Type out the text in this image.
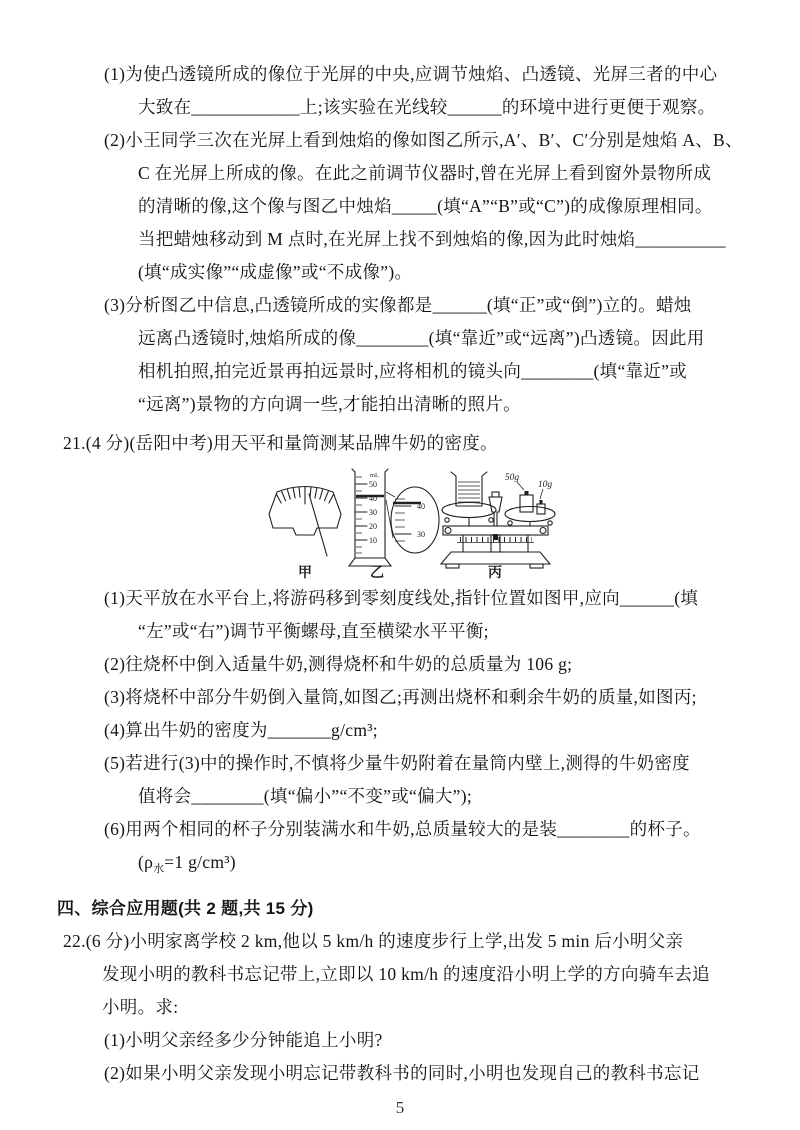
(1)为使凸透镜所成的像位于光屏的中央,应调节烛焰、凸透镜、光屏三者的中心

大致在____________上;该实验在光线较______的环境中进行更便于观察。

(2)小王同学三次在光屏上看到烛焰的像如图乙所示,A′、B′、C′分别是烛焰 A、B、

C 在光屏上所成的像。在此之前调节仪器时,曾在光屏上看到窗外景物所成

的清晰的像,这个像与图乙中烛焰_____(填“A”“B”或“C”)的成像原理相同。

当把蜡烛移动到 M 点时,在光屏上找不到烛焰的像,因为此时烛焰__________

(填“成实像”“成虚像”或“不成像”)。

(3)分析图乙中信息,凸透镜所成的实像都是______(填“正”或“倒”)立的。蜡烛

远离凸透镜时,烛焰所成的像________(填“靠近”或“远离”)凸透镜。因此用

相机拍照,拍完近景再拍远景时,应将相机的镜头向________(填“靠近”或

“远离”)景物的方向调一些,才能拍出清晰的照片。

21.(4 分)(岳阳中考)用天平和量筒测某品牌牛奶的密度。

甲
mL
50
40
30
20
10
40
30
乙
50g
10g
丙

(1)天平放在水平台上,将游码移到零刻度线处,指针位置如图甲,应向______(填

“左”或“右”)调节平衡螺母,直至横梁水平平衡;

(2)往烧杯中倒入适量牛奶,测得烧杯和牛奶的总质量为 106 g;

(3)将烧杯中部分牛奶倒入量筒,如图乙;再测出烧杯和剩余牛奶的质量,如图丙;

(4)算出牛奶的密度为_______g/cm³;

(5)若进行(3)中的操作时,不慎将少量牛奶附着在量筒内壁上,测得的牛奶密度

值将会________(填“偏小”“不变”或“偏大”);

(6)用两个相同的杯子分别装满水和牛奶,总质量较大的是装________的杯子。

($\rho_水=1$ g/cm³)

四、综合应用题(共 2 题,共 15 分)

22.(6 分)小明家离学校 2 km,他以 5 km/h 的速度步行上学,出发 5 min 后小明父亲

发现小明的教科书忘记带上,立即以 10 km/h 的速度沿小明上学的方向骑车去追

小明。求:

(1)小明父亲经多少分钟能追上小明?

(2)如果小明父亲发现小明忘记带教科书的同时,小明也发现自己的教科书忘记

5
